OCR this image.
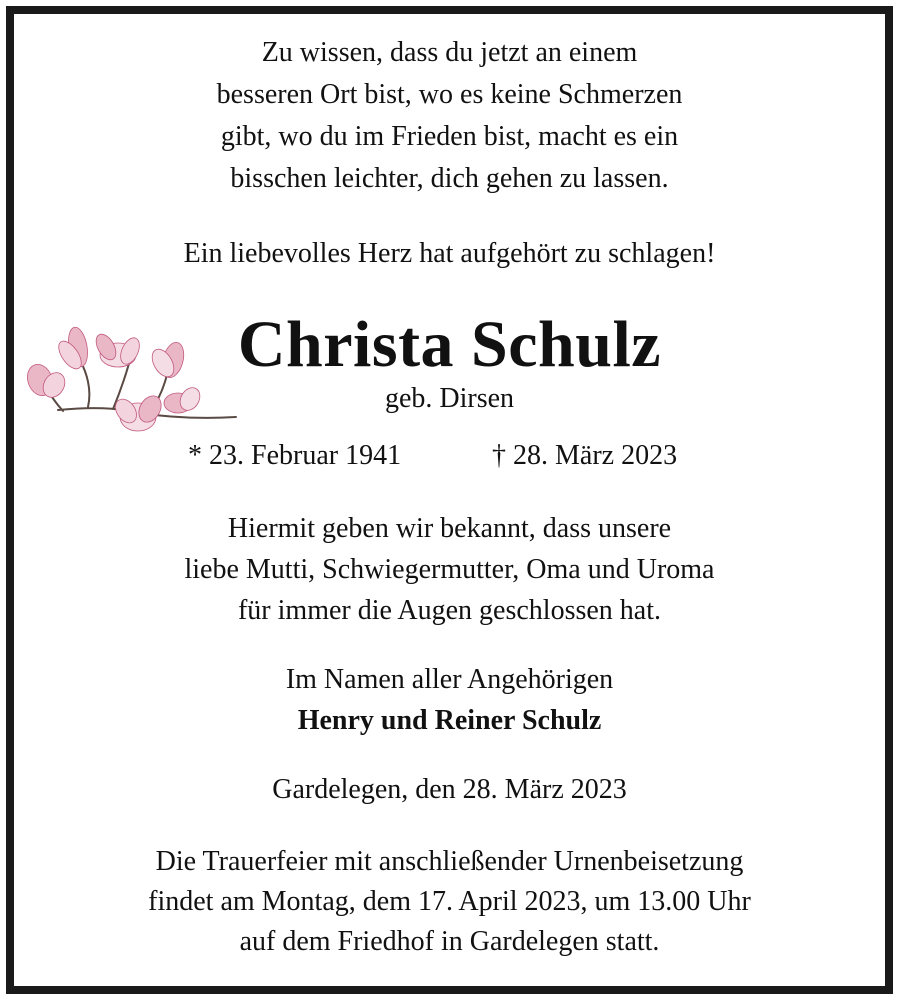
Zu wissen, dass du jetzt an einem
besseren Ort bist, wo es keine Schmerzen
gibt, wo du im Frieden bist, macht es ein
bisschen leichter, dich gehen zu lassen.
Ein liebevolles Herz hat aufgehört zu schlagen!
Christa Schulz
geb. Dirsen
* 23. Februar 1941	† 28. März 2023
Hiermit geben wir bekannt, dass unsere
liebe Mutti, Schwiegermutter, Oma und Uroma
für immer die Augen geschlossen hat.
Im Namen aller Angehörigen
Henry und Reiner Schulz
Gardelegen, den 28. März 2023
Die Trauerfeier mit anschließender Urnenbeisetzung
findet am Montag, dem 17. April 2023, um 13.00 Uhr
auf dem Friedhof in Gardelegen statt.
